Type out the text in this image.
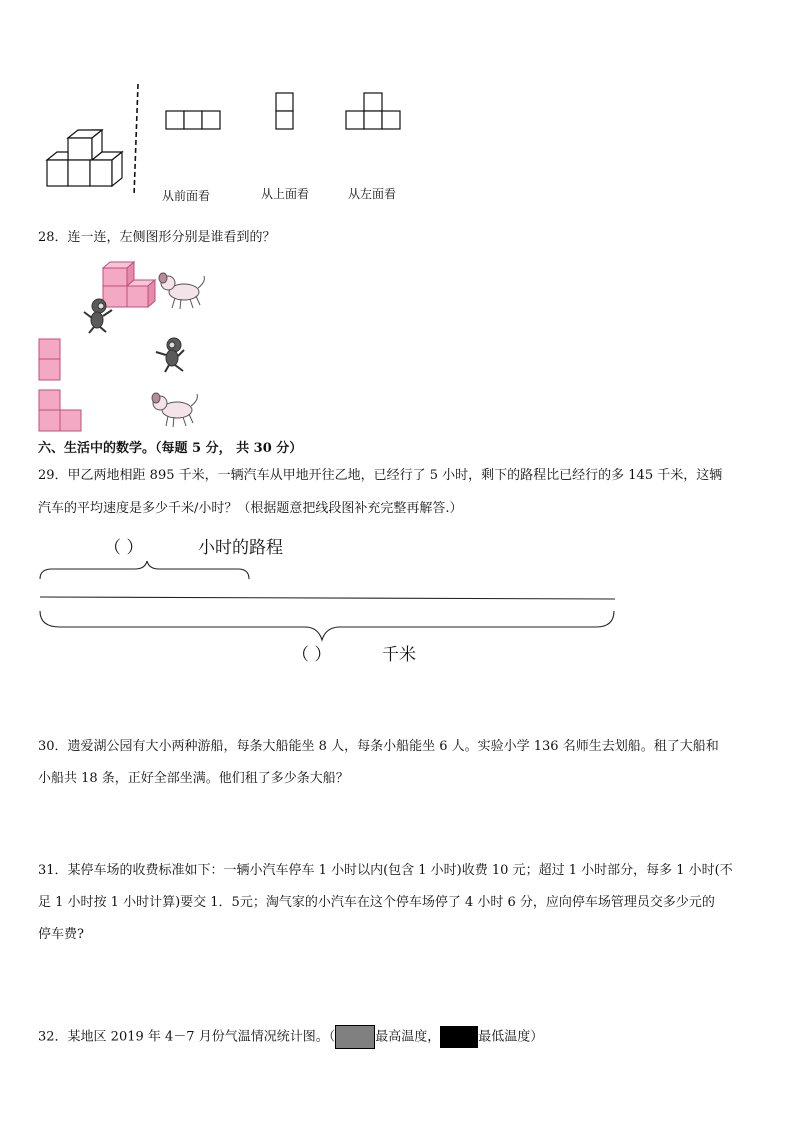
从前面看	从上面看	从左面看
28．连一连，左侧图形分别是谁看到的？
六、生活中的数学。（每题 5 分， 共 30 分）
29．甲乙两地相距 895 千米，一辆汽车从甲地开往乙地，已经行了 5 小时，剩下的路程比已经行的多 145 千米，这辆
汽车的平均速度是多少千米/小时？（根据题意把线段图补充完整再解答.）
（ ）	小时的路程
（ ）	千米
30．遗爱湖公园有大小两种游船，每条大船能坐 8 人，每条小船能坐 6 人。实验小学 136 名师生去划船。租了大船和
小船共 18 条，正好全部坐满。他们租了多少条大船？
31．某停车场的收费标准如下：一辆小汽车停车 1 小时以内(包含 1 小时)收费 10 元；超过 1 小时部分，每多 1 小时(不
足 1 小时按 1 小时计算)要交 1．5元；淘气家的小汽车在这个停车场停了 4 小时 6 分，应向停车场管理员交多少元的
停车费?
32．某地区 2019 年 4－7 月份气温情况统计图。（	最高温度，	最低温度）
